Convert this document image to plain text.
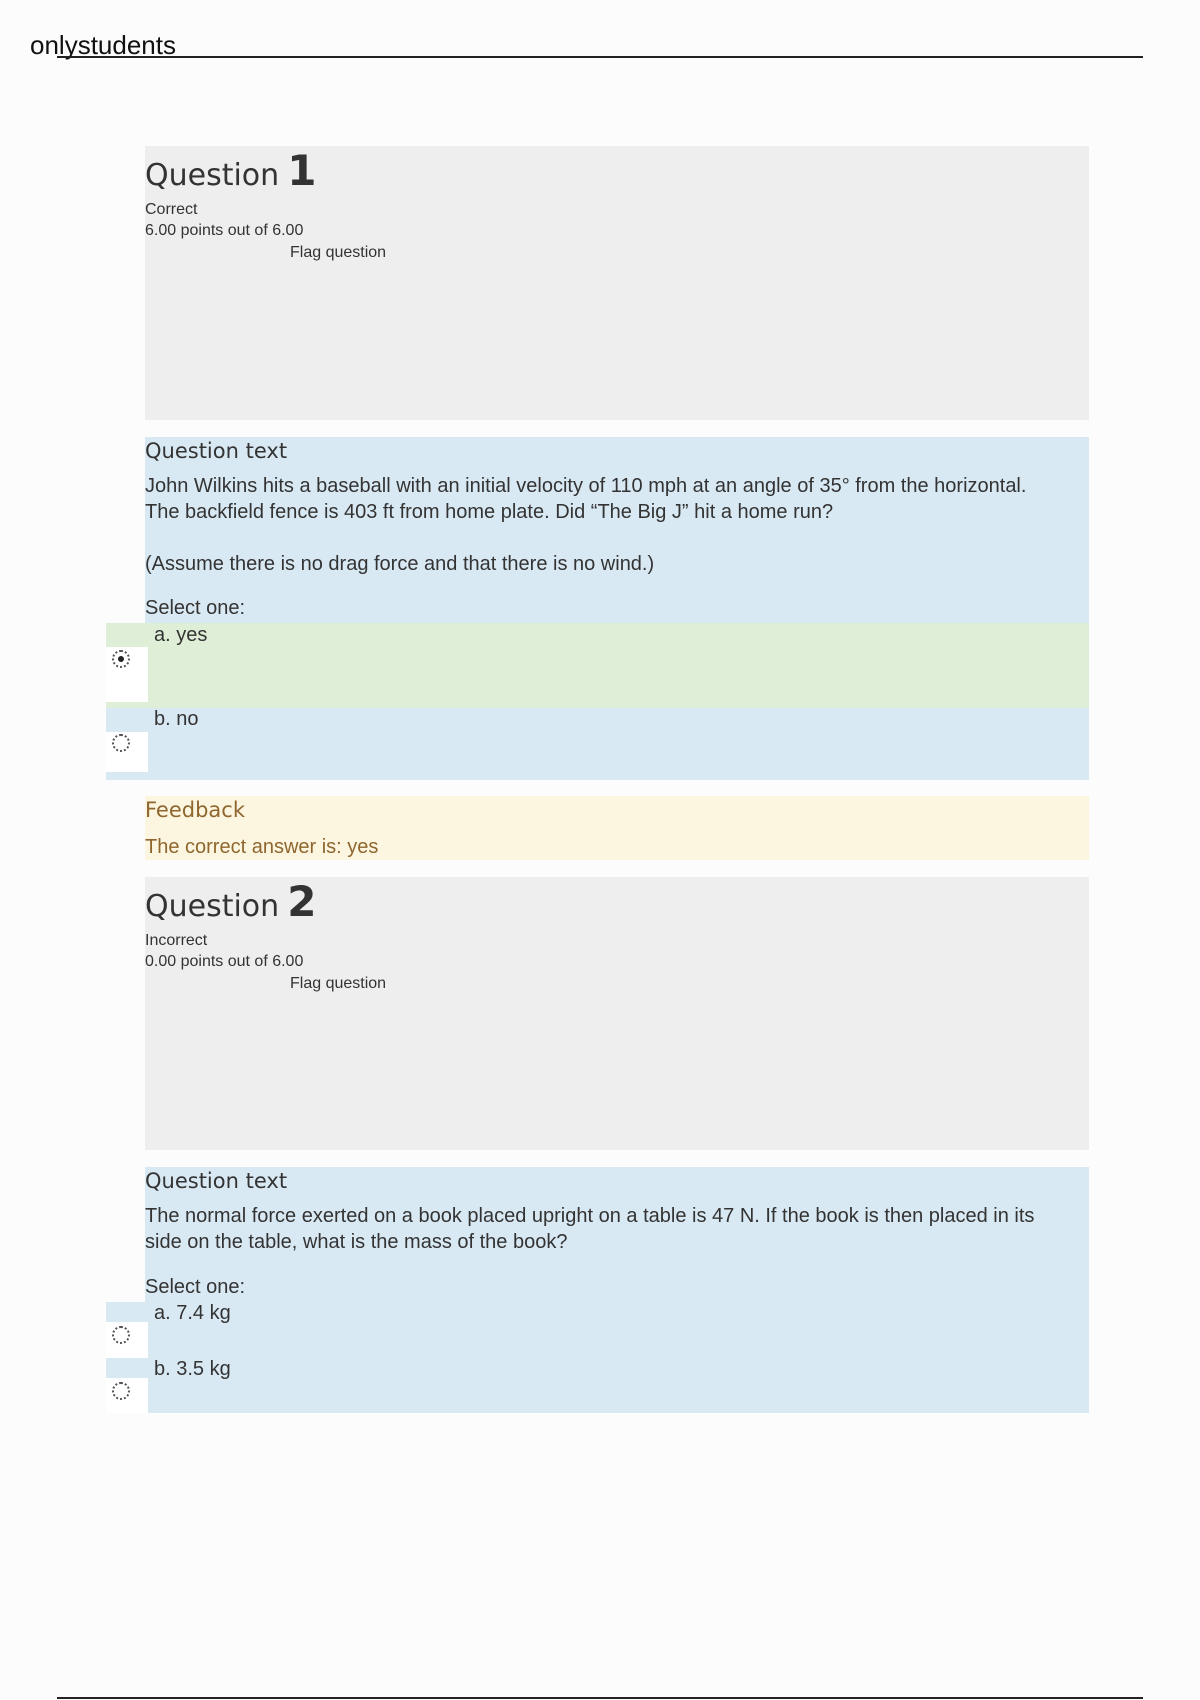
onlystudents
Question 1
Correct
6.00 points out of 6.00
Flag question
Question text
John Wilkins hits a baseball with an initial velocity of 110 mph at an angle of 35° from the horizontal.
The backfield fence is 403 ft from home plate. Did “The Big J” hit a home run?
(Assume there is no drag force and that there is no wind.)
Select one:
a. yes
b. no
Feedback
The correct answer is: yes
Question 2
Incorrect
0.00 points out of 6.00
Flag question
Question text
The normal force exerted on a book placed upright on a table is 47 N. If the book is then placed in its
side on the table, what is the mass of the book?
Select one:
a. 7.4 kg
b. 3.5 kg
